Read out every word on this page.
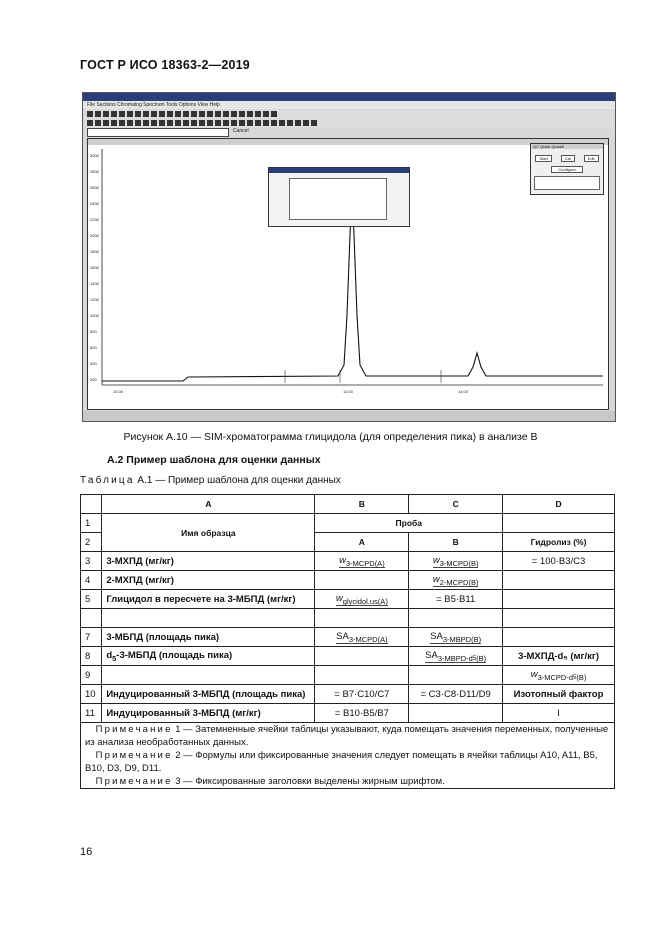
ГОСТ Р ИСО 18363-2—2019
File Sections Chromatog Spectrum Tools Options View Help
Cancel
3000
2800
2600
2400
2200
2000
1800
1600
1400
1200
1000
800
600
400
200
10.00	12.00	14.00
QC Quick QuickE
Start	Cal	Edit
Configure
Рисунок А.10 — SIM-хроматограмма глицидола (для определения пика) в анализе B
А.2 Пример шаблона для оценки данных
Таблица А.1 — Пример шаблона для оценки данных
	A	B	C	D
1	Имя образца	Проба		
2		A	B	Гидролиз (%)
3	3-МХПД (мг/кг)	$w_{3-MCPD(A)}$	$w_{3-MCPD(B)}$	= 100·B3/C3
4	2-МХПД (мг/кг)		$w_{2-MCPD(B)}$	
5	Глицидол в пересчете на 3-МБПД (мг/кг)	$w_{glycidol.us(A)}$	= B5·B11	

7	3-МБПД (площадь пика)	$SA_{3-MCPD(A)}$	$SA_{3-MBPD(B)}$	
8	$d_5-3$-МБПД (площадь пика)		$SA_{3-MBPD-d5(B)}$	3-МХПД-d₅ (мг/кг)
9				$w_{3-MCPD-d5(B)}$
10	Индуцированный 3-МБПД (площадь пика)	= B7·C10/C7	= C3·C8·D11/D9	Изотопный фактор
11	Индуцированный 3-МБПД (мг/кг)	= B10·B5/B7		I

Примечание 1 — Затемненные ячейки таблицы указывают, куда помещать значения переменных, полученные из анализа необработанных данных.
Примечание 2 — Формулы или фиксированные значения следует помещать в ячейки таблицы A10, A11, B5, B10, D3, D9, D11.
Примечание 3 — Фиксированные заголовки выделены жирным шрифтом.				
16
